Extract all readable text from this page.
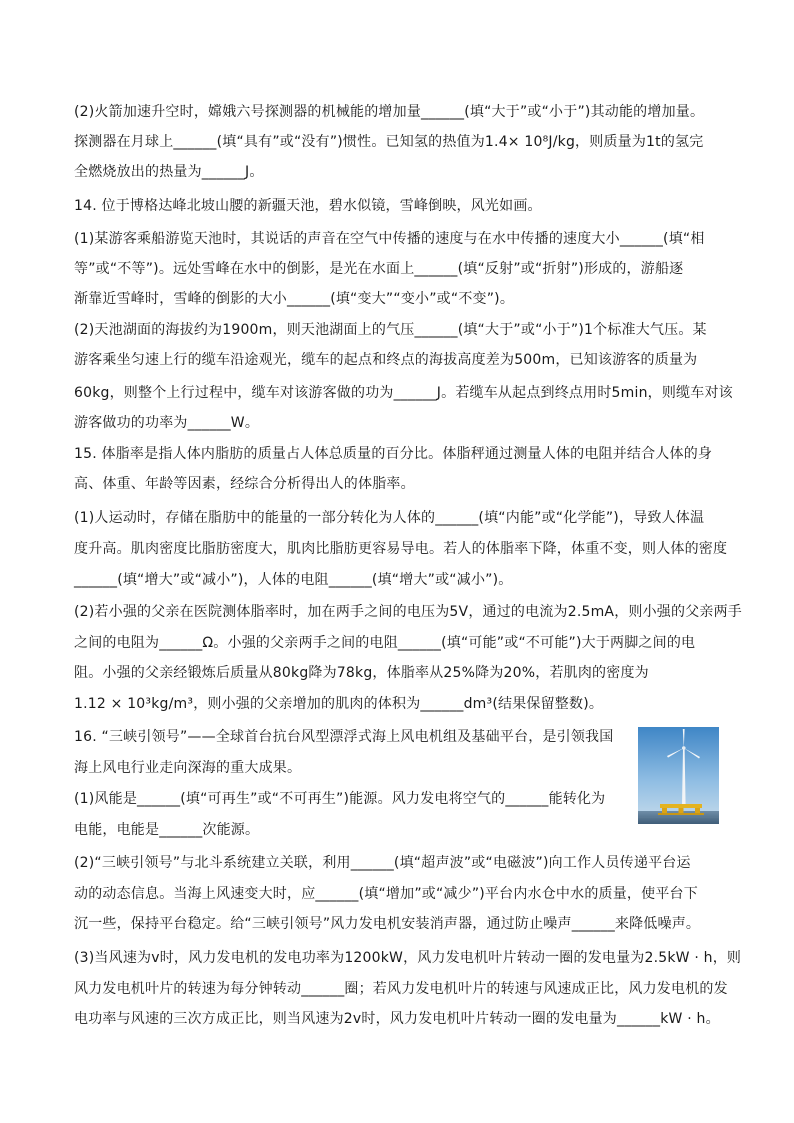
(2)火箭加速升空时，嫦娥六号探测器的机械能的增加量______(填“大于”或“小于”)其动能的增加量。
探测器在月球上______(填“具有”或“没有”)惯性。已知氢的热值为1.4× 10⁸J/kg，则质量为1t的氢完
全燃烧放出的热量为______J。
14. 位于博格达峰北坡山腰的新疆天池，碧水似镜，雪峰倒映，风光如画。
(1)某游客乘船游览天池时，其说话的声音在空气中传播的速度与在水中传播的速度大小______(填“相
等”或“不等”)。远处雪峰在水中的倒影，是光在水面上______(填“反射”或“折射”)形成的，游船逐
渐靠近雪峰时，雪峰的倒影的大小______(填“变大”“变小”或“不变”)。
(2)天池湖面的海拔约为1900m，则天池湖面上的气压______(填“大于”或“小于”)1个标准大气压。某
游客乘坐匀速上行的缆车沿途观光，缆车的起点和终点的海拔高度差为500m，已知该游客的质量为
60kg，则整个上行过程中，缆车对该游客做的功为______J。若缆车从起点到终点用时5min，则缆车对该
游客做功的功率为______W。
15. 体脂率是指人体内脂肪的质量占人体总质量的百分比。体脂秤通过测量人体的电阻并结合人体的身
高、体重、年龄等因素，经综合分析得出人的体脂率。
(1)人运动时，存储在脂肪中的能量的一部分转化为人体的______(填“内能”或“化学能”)，导致人体温
度升高。肌肉密度比脂肪密度大，肌肉比脂肪更容易导电。若人的体脂率下降，体重不变，则人体的密度
______(填“增大”或“减小”)，人体的电阻______(填“增大”或“减小”)。
(2)若小强的父亲在医院测体脂率时，加在两手之间的电压为5V，通过的电流为2.5mA，则小强的父亲两手
之间的电阻为______Ω。小强的父亲两手之间的电阻______(填“可能”或“不可能”)大于两脚之间的电
阻。小强的父亲经锻炼后质量从80kg降为78kg，体脂率从25%降为20%，若肌肉的密度为
1.12 × 10³kg/m³，则小强的父亲增加的肌肉的体积为______dm³(结果保留整数)。
16. “三峡引领号”——全球首台抗台风型漂浮式海上风电机组及基础平台，是引领我国
海上风电行业走向深海的重大成果。
(1)风能是______(填“可再生”或“不可再生”)能源。风力发电将空气的______能转化为
电能，电能是______次能源。
(2)“三峡引领号”与北斗系统建立关联，利用______(填“超声波”或“电磁波”)向工作人员传递平台运
动的动态信息。当海上风速变大时，应______(填“增加”或“减少”)平台内水仓中水的质量，使平台下
沉一些，保持平台稳定。给“三峡引领号”风力发电机安装消声器，通过防止噪声______来降低噪声。
(3)当风速为v时，风力发电机的发电功率为1200kW，风力发电机叶片转动一圈的发电量为2.5kW · h，则
风力发电机叶片的转速为每分钟转动______圈；若风力发电机叶片的转速与风速成正比，风力发电机的发
电功率与风速的三次方成正比，则当风速为2v时，风力发电机叶片转动一圈的发电量为______kW · h。
